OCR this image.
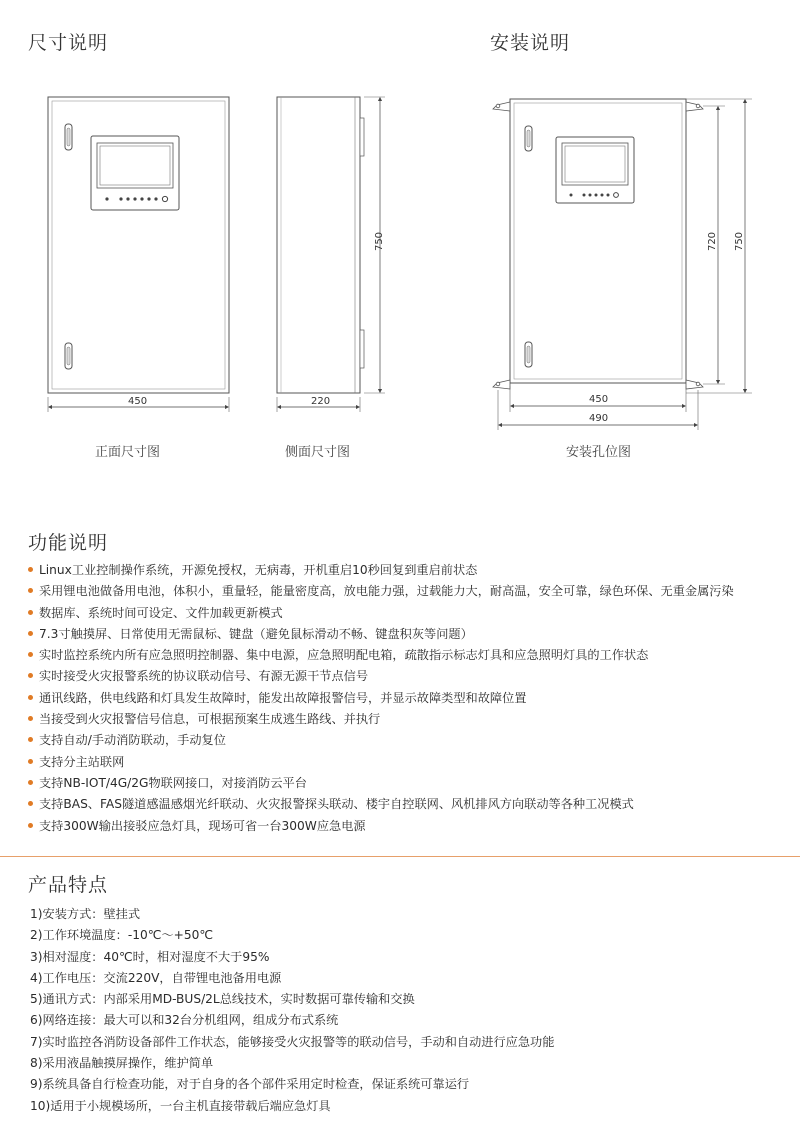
尺寸说明	安装说明
450
750
220	450
490
720 750
正面尺寸图	侧面尺寸图	安装孔位图
功能说明
Linux工业控制操作系统，开源免授权，无病毒，开机重启10秒回复到重启前状态
采用锂电池做备用电池，体积小，重量轻，能量密度高，放电能力强，过载能力大，耐高温，安全可靠，绿色环保、无重金属污染
数据库、系统时间可设定、文件加载更新模式
7.3寸触摸屏、日常使用无需鼠标、键盘（避免鼠标滑动不畅、键盘积灰等问题）
实时监控系统内所有应急照明控制器、集中电源，应急照明配电箱，疏散指示标志灯具和应急照明灯具的工作状态
实时接受火灾报警系统的协议联动信号、有源无源干节点信号
通讯线路，供电线路和灯具发生故障时，能发出故障报警信号，并显示故障类型和故障位置
当接受到火灾报警信号信息，可根据预案生成逃生路线、并执行
支持自动/手动消防联动，手动复位
支持分主站联网
支持NB-IOT/4G/2G物联网接口，对接消防云平台
支持BAS、FAS隧道感温感烟光纤联动、火灾报警探头联动、楼宇自控联网、风机排风方向联动等各种工况模式
支持300W输出接驳应急灯具，现场可省一台300W应急电源
产品特点
1)安装方式：壁挂式
2)工作环境温度：-10℃～+50℃
3)相对湿度：40℃时，相对湿度不大于95%
4)工作电压：交流220V，自带锂电池备用电源
5)通讯方式：内部采用MD-BUS/2L总线技术，实时数据可靠传输和交换
6)网络连接：最大可以和32台分机组网，组成分布式系统
7)实时监控各消防设备部件工作状态，能够接受火灾报警等的联动信号，手动和自动进行应急功能
8)采用液晶触摸屏操作，维护简单
9)系统具备自行检查功能，对于自身的各个部件采用定时检查，保证系统可靠运行
10)适用于小规模场所，一台主机直接带载后端应急灯具
